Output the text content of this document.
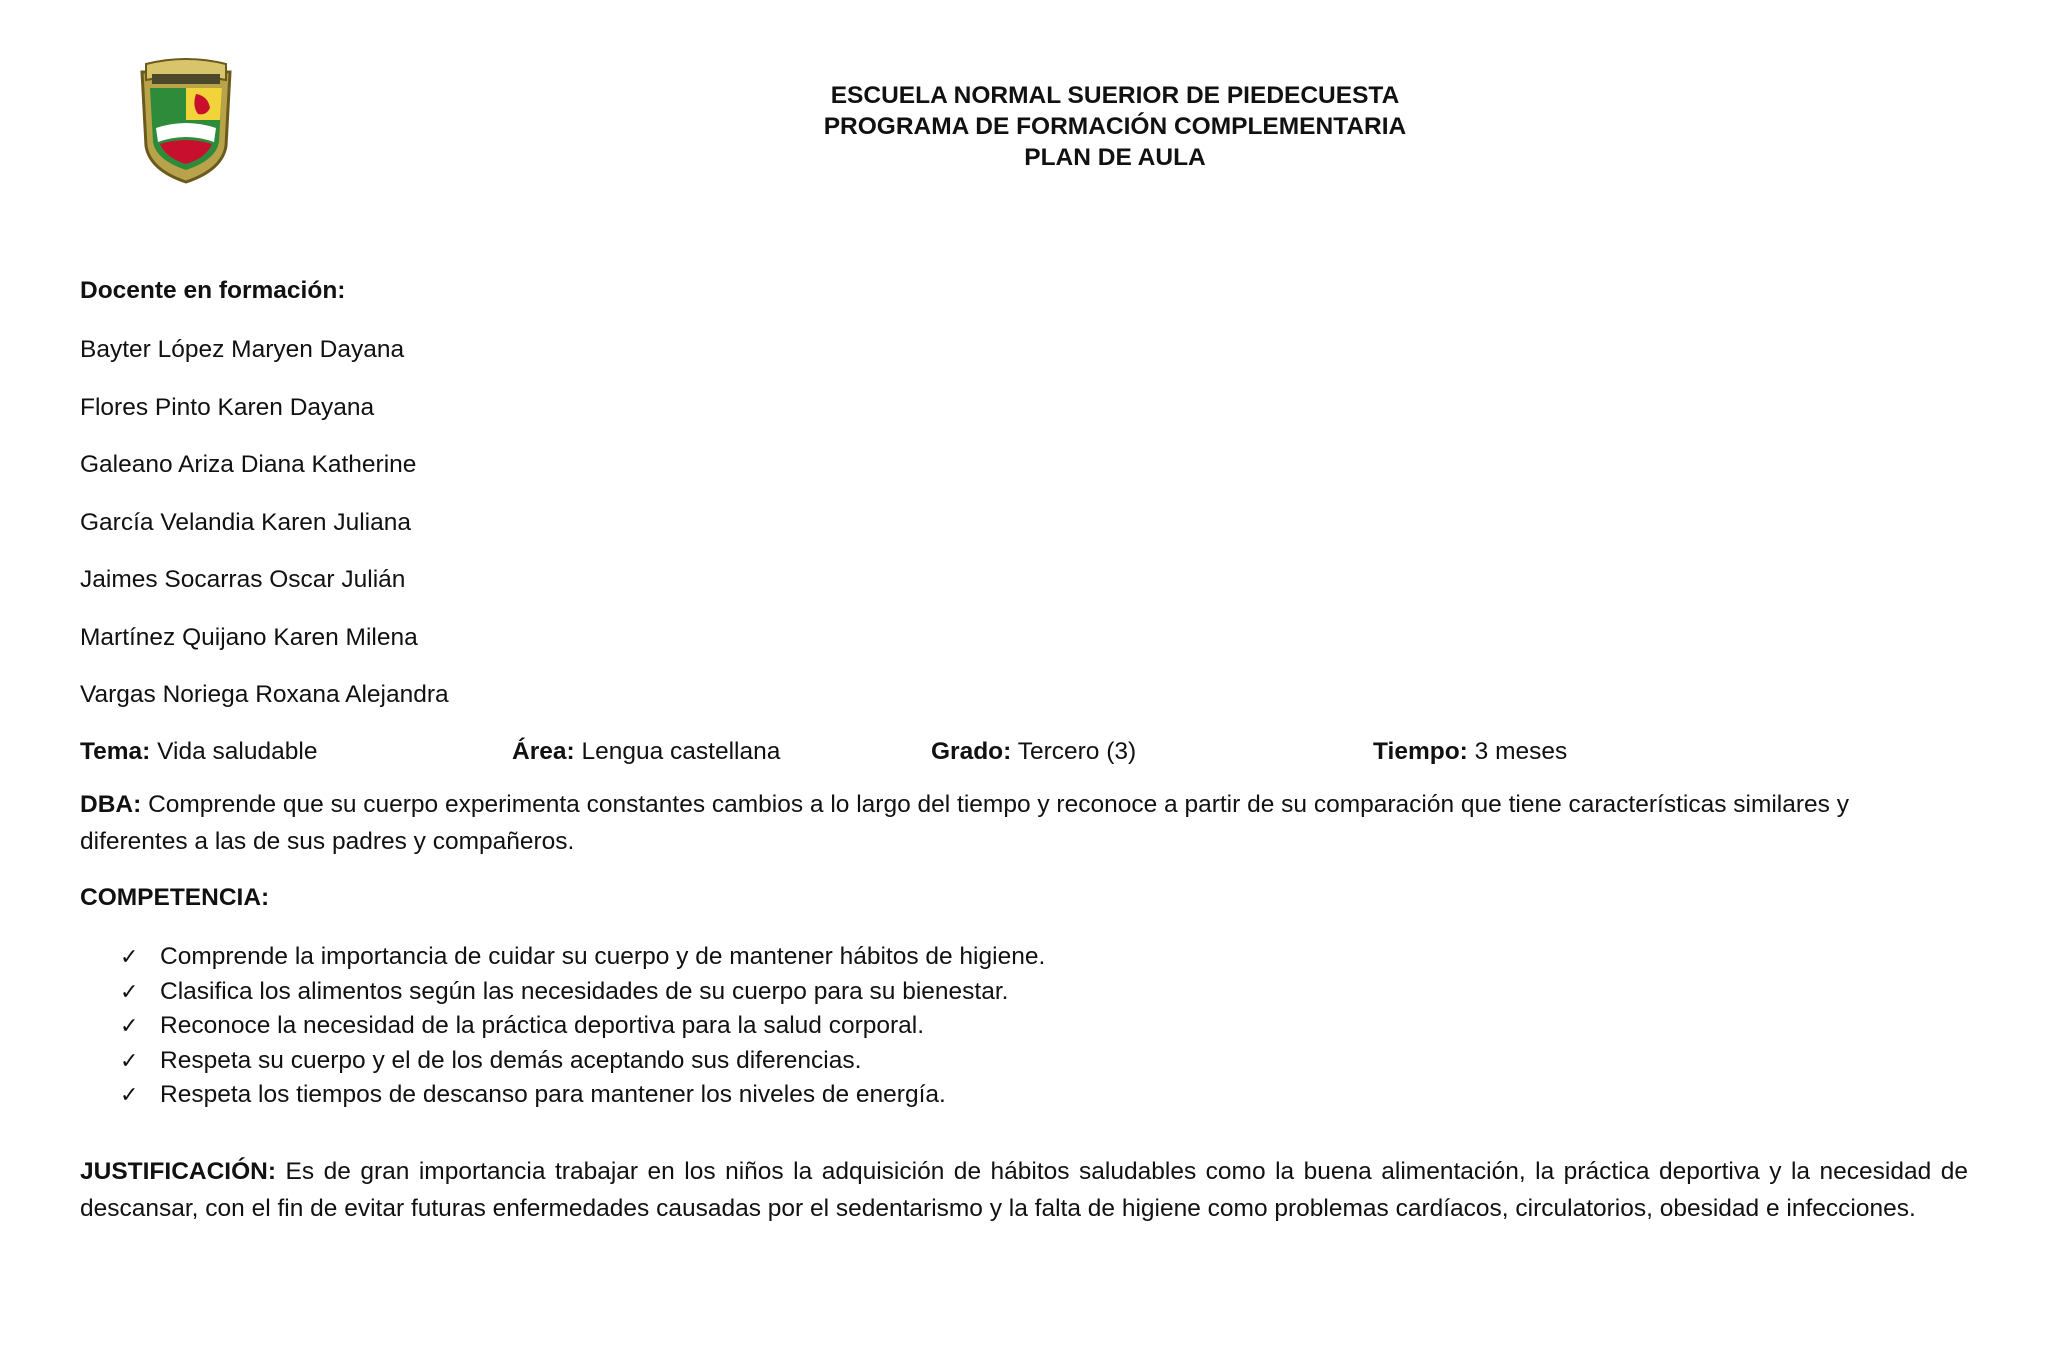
ESCUELA NORMAL SUERIOR DE PIEDECUESTA
PROGRAMA DE FORMACIÓN COMPLEMENTARIA
PLAN DE AULA
Docente en formación:
Bayter López Maryen Dayana
Flores Pinto Karen Dayana
Galeano Ariza Diana Katherine
García Velandia Karen Juliana
Jaimes Socarras Oscar Julián
Martínez Quijano Karen Milena
Vargas Noriega Roxana Alejandra
Tema: Vida saludable	Área: Lengua castellana	Grado: Tercero (3)	Tiempo: 3 meses
DBA: Comprende que su cuerpo experimenta constantes cambios a lo largo del tiempo y reconoce a partir de su comparación que tiene características similares y diferentes a las de sus padres y compañeros.
COMPETENCIA:
✓ Comprende la importancia de cuidar su cuerpo y de mantener hábitos de higiene.
✓ Clasifica los alimentos según las necesidades de su cuerpo para su bienestar.
✓ Reconoce la necesidad de la práctica deportiva para la salud corporal.
✓ Respeta su cuerpo y el de los demás aceptando sus diferencias.
✓ Respeta los tiempos de descanso para mantener los niveles de energía.
JUSTIFICACIÓN: Es de gran importancia trabajar en los niños la adquisición de hábitos saludables como la buena alimentación, la práctica deportiva y la necesidad de descansar, con el fin de evitar futuras enfermedades causadas por el sedentarismo y la falta de higiene como problemas cardíacos, circulatorios, obesidad e infecciones.
